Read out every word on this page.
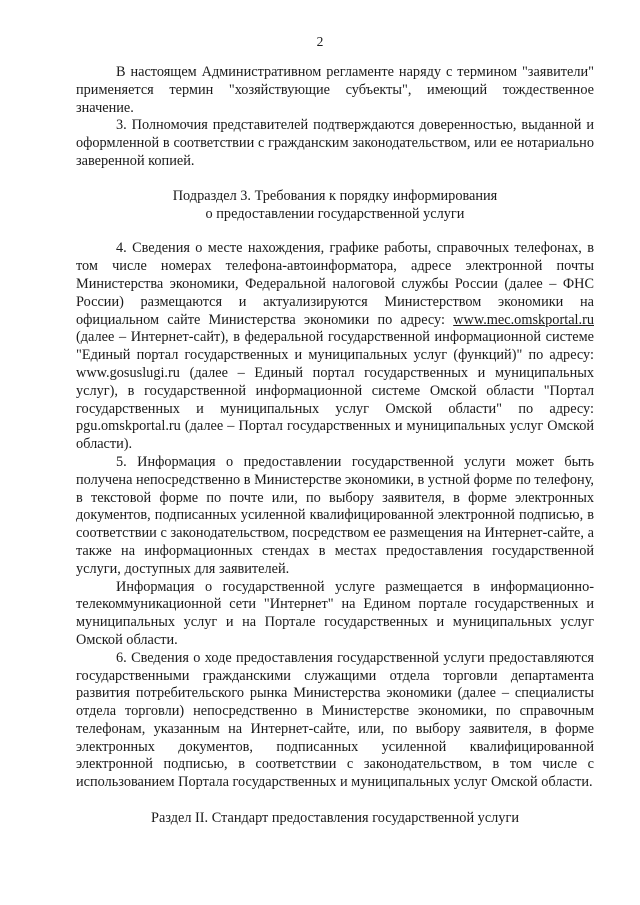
2

В настоящем Административном регламенте наряду с термином "заявители" применяется термин "хозяйствующие субъекты", имеющий тождественное значение.

3. Полномочия представителей подтверждаются доверенностью, выданной и оформленной в соответствии с гражданским законодательством, или ее нотариально заверенной копией.

Подраздел 3. Требования к порядку информирования

о предоставлении государственной услуги

4. Сведения о месте нахождения, графике работы, справочных телефонах, в том числе номерах телефона-автоинформатора, адресе электронной почты Министерства экономики, Федеральной налоговой службы России (далее – ФНС России) размещаются и актуализируются Министерством экономики на официальном сайте Министерства экономики по адресу: www.mec.omskportal.ru (далее – Интернет-сайт), в федеральной государственной информационной системе "Единый портал государственных и муниципальных услуг (функций)" по адресу: www.gosuslugi.ru (далее – Единый портал государственных и муниципальных услуг), в государственной информационной системе Омской области "Портал государственных и муниципальных услуг Омской области" по адресу: pgu.omskportal.ru (далее – Портал государственных и муниципальных услуг Омской области).

5. Информация о предоставлении государственной услуги может быть получена непосредственно в Министерстве экономики, в устной форме по телефону, в текстовой форме по почте или, по выбору заявителя, в форме электронных документов, подписанных усиленной квалифицированной электронной подписью, в соответствии с законодательством, посредством ее размещения на Интернет-сайте, а также на информационных стендах в местах предоставления государственной услуги, доступных для заявителей.

Информация о государственной услуге размещается в информационно-телекоммуникационной сети "Интернет" на Едином портале государственных и муниципальных услуг и на Портале государственных и муниципальных услуг Омской области.

6. Сведения о ходе предоставления государственной услуги предоставляются государственными гражданскими служащими отдела торговли департамента развития потребительского рынка Министерства экономики (далее – специалисты отдела торговли) непосредственно в Министерстве экономики, по справочным телефонам, указанным на Интернет-сайте, или, по выбору заявителя, в форме электронных документов, подписанных усиленной квалифицированной электронной подписью, в соответствии с законодательством, в том числе с использованием Портала государственных и муниципальных услуг Омской области.

Раздел II. Стандарт предоставления государственной услуги
